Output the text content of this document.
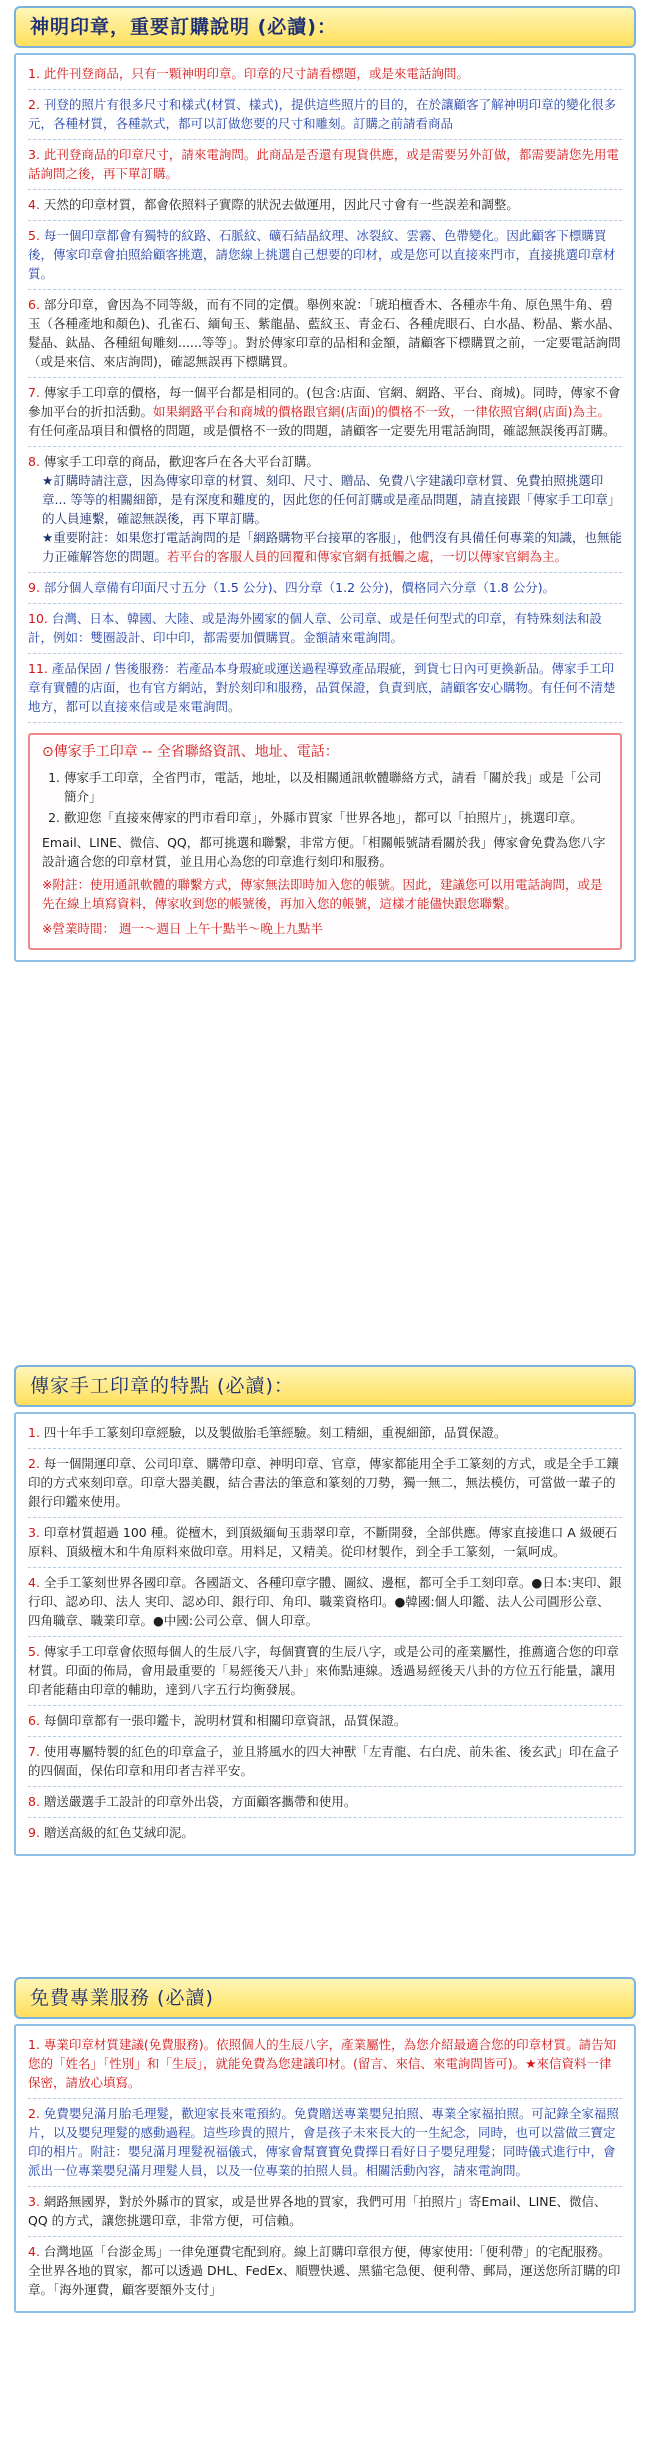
神明印章，重要訂購說明 (必讀)：

1. 此件刊登商品，只有一顆神明印章。印章的尺寸請看標題，或是來電話詢問。

2. 刊登的照片有很多尺寸和樣式(材質、樣式)，提供這些照片的目的，在於讓顧客了解神明印章的變化很多元，各種材質，各種款式，都可以訂做您要的尺寸和雕刻。訂購之前請看商品

3. 此刊登商品的印章尺寸，請來電詢問。此商品是否還有現貨供應，或是需要另外訂做，都需要請您先用電話詢問之後，再下單訂購。

4. 天然的印章材質，都會依照料子實際的狀況去做運用，因此尺寸會有一些誤差和調整。

5. 每一個印章都會有獨特的紋路、石脈紋、礦石結晶紋理、冰裂紋、雲霧、色帶變化。因此顧客下標購買後，傳家印章會拍照給顧客挑選，請您線上挑選自己想要的印材，或是您可以直接來門市，直接挑選印章材質。

6. 部分印章，會因為不同等級，而有不同的定價。舉例來說：「琥珀檀香木、各種赤牛角、原色黑牛角、碧玉（各種產地和顏色)、孔雀石、緬甸玉、紫龍晶、藍紋玉、青金石、各種虎眼石、白水晶、粉晶、紫水晶、髮晶、鈦晶、各種紐甸雕刻......等等」。對於傳家印章的品相和金額，請顧客下標購買之前，一定要電話詢問（或是來信、來店詢問)，確認無誤再下標購買。

7. 傳家手工印章的價格，每一個平台都是相同的。(包含:店面、官網、網路、平台、商城)。同時，傳家不會參加平台的折扣活動。如果網路平台和商城的價格跟官網(店面)的價格不一致，一律依照官網(店面)為主。有任何產品項目和價格的問題，或是價格不一致的問題，請顧客一定要先用電話詢問，確認無誤後再訂購。

8. 傳家手工印章的商品，歡迎客戶在各大平台訂購。
★訂購時請注意，因為傳家印章的材質、刻印、尺寸、贈品、免費八字建議印章材質、免費拍照挑選印章... 等等的相關細節，是有深度和難度的，因此您的任何訂購或是產品問題，請直接跟「傳家手工印章」的人員連繫，確認無誤後，再下單訂購。
★重要附註：如果您打電話詢問的是「網路購物平台接單的客服」，他們沒有具備任何專業的知識，也無能力正確解答您的問題。若平台的客服人員的回覆和傳家官網有抵觸之處，一切以傳家官網為主。

9. 部分個人章備有印面尺寸五分（1.5 公分)、四分章（1.2 公分)，價格同六分章（1.8 公分)。

10. 台灣、日本、韓國、大陸、或是海外國家的個人章、公司章、或是任何型式的印章，有特殊刻法和設計，例如：雙圈設計、印中印，都需要加價購買。金額請來電詢問。

11. 產品保固 / 售後服務：若產品本身瑕疵或運送過程導致產品瑕疵，到貨七日內可更換新品。傳家手工印章有實體的店面，也有官方網站，對於刻印和服務，品質保證，負責到底，請顧客安心購物。有任何不清楚地方，都可以直接來信或是來電詢問。

⊙傳家手工印章 -- 全省聯絡資訊、地址、電話：
1. 傳家手工印章，全省門市，電話，地址，以及相關通訊軟體聯絡方式，請看「關於我」或是「公司簡介」
2. 歡迎您「直接來傳家的門市看印章」，外縣市買家「世界各地」，都可以「拍照片」，挑選印章。

Email、LINE、微信、QQ，都可挑選和聯繫，非常方便。「相關帳號請看關於我」傳家會免費為您八字設計適合您的印章材質，並且用心為您的印章進行刻印和服務。

※附註：使用通訊軟體的聯繫方式，傳家無法即時加入您的帳號。因此，建議您可以用電話詢問，或是先在線上填寫資料，傳家收到您的帳號後，再加入您的帳號，這樣才能儘快跟您聯繫。

※營業時間： 週一～週日 上午十點半～晚上九點半
傳家手工印章的特點 (必讀)：

1. 四十年手工篆刻印章經驗，以及製做胎毛筆經驗。刻工精細，重視細節，品質保證。

2. 每一個開運印章、公司印章、購帶印章、神明印章、官章，傳家都能用全手工篆刻的方式，或是全手工鑲印的方式來刻印章。印章大器美觀，結合書法的筆意和篆刻的刀勢，獨一無二，無法模仿，可當做一輩子的銀行印鑑來使用。

3. 印章材質超過 100 種。從檀木，到頂級緬甸玉翡翠印章，不斷開發，全部供應。傳家直接進口 A 級硬石原料、頂級檀木和牛角原料來做印章。用料足，又精美。從印材製作，到全手工篆刻，一氣呵成。

4. 全手工篆刻世界各國印章。各國語文、各種印章字體、圖紋、邊框，都可全手工刻印章。●日本:実印、銀行印、認め印、法人 実印、認め印、銀行印、角印、職業資格印。●韓國:個人印鑑、法人公司圓形公章、四角職章、職業印章。●中國:公司公章、個人印章。

5. 傳家手工印章會依照每個人的生辰八字，每個寶寶的生辰八字，或是公司的產業屬性，推薦適合您的印章材質。印面的佈局，會用最重要的「易經後天八卦」來佈點連線。透過易經後天八卦的方位五行能量，讓用印者能藉由印章的輔助，達到八字五行均衡發展。

6. 每個印章都有一張印鑑卡，說明材質和相關印章資訊，品質保證。

7. 使用專屬特製的紅色的印章盒子，並且將風水的四大神獸「左青龍、右白虎、前朱雀、後玄武」印在盒子的四個面，保佑印章和用印者吉祥平安。

8. 贈送嚴選手工設計的印章外出袋，方面顧客攜帶和使用。

9. 贈送高級的紅色艾絨印泥。

免費專業服務 (必讀)

1. 專業印章材質建議(免費服務)。依照個人的生辰八字，產業屬性，為您介紹最適合您的印章材質。請告知您的「姓名」「性別」和「生辰」，就能免費為您建議印材。(留言、來信、來電詢問皆可)。★來信資料一律保密，請放心填寫。

2. 免費嬰兒滿月胎毛理髮，歡迎家長來電預約。免費贈送專業嬰兒拍照、專業全家福拍照。可記錄全家福照片，以及嬰兒理髮的感動過程。這些珍貴的照片，會是孩子未來長大的一生紀念，同時，也可以當做三寶定印的相片。附註：嬰兒滿月理髮祝福儀式，傳家會幫寶寶免費擇日看好日子嬰兒理髮；同時儀式進行中，會派出一位專業嬰兒滿月理髮人員，以及一位專業的拍照人員。相關活動內容，請來電詢問。

3. 網路無國界，對於外縣市的買家，或是世界各地的買家，我們可用「拍照片」寄Email、LINE、微信、QQ 的方式，讓您挑選印章，非常方便，可信賴。

4. 台灣地區「台澎金馬」一律免運費宅配到府。線上訂購印章很方便，傳家使用:「便利帶」的宅配服務。全世界各地的買家，都可以透過 DHL、FedEx、順豐快遞、黑貓宅急便、便利帶、郵局，運送您所訂購的印章。「海外運費，顧客要額外支付」
